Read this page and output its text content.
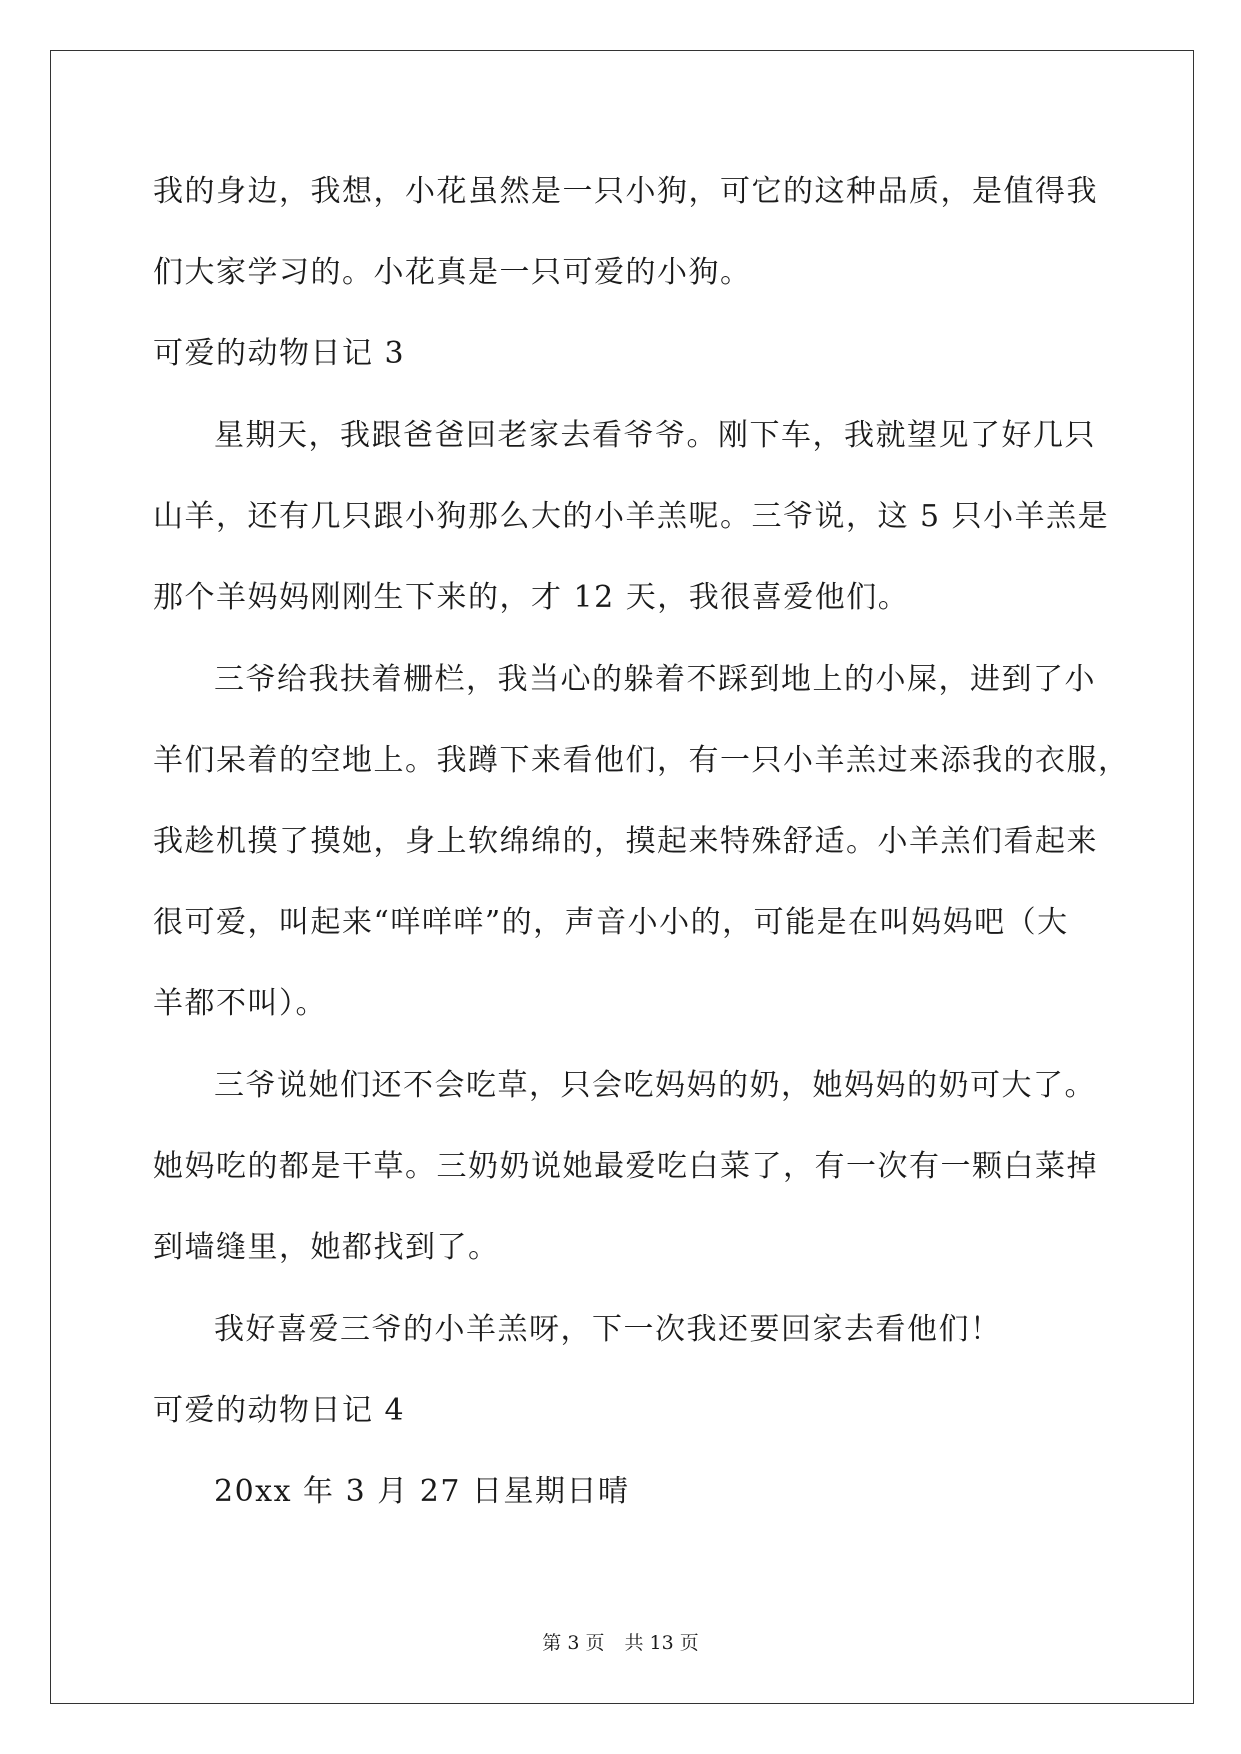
我的身边，我想，小花虽然是一只小狗，可它的这种品质，是值得我
们大家学习的。小花真是一只可爱的小狗。
可爱的动物日记 3
星期天，我跟爸爸回老家去看爷爷。刚下车，我就望见了好几只
山羊，还有几只跟小狗那么大的小羊羔呢。三爷说，这 5 只小羊羔是
那个羊妈妈刚刚生下来的，才 12 天，我很喜爱他们。
三爷给我扶着栅栏，我当心的躲着不踩到地上的小屎，进到了小
羊们呆着的空地上。我蹲下来看他们，有一只小羊羔过来添我的衣服，
我趁机摸了摸她，身上软绵绵的，摸起来特殊舒适。小羊羔们看起来
很可爱，叫起来“咩咩咩”的，声音小小的，可能是在叫妈妈吧（大
羊都不叫）。
三爷说她们还不会吃草，只会吃妈妈的奶，她妈妈的奶可大了。
她妈吃的都是干草。三奶奶说她最爱吃白菜了，有一次有一颗白菜掉
到墙缝里，她都找到了。
我好喜爱三爷的小羊羔呀，下一次我还要回家去看他们！
可爱的动物日记 4
20xx 年 3 月 27 日星期日晴
第 3 页 共 13 页
